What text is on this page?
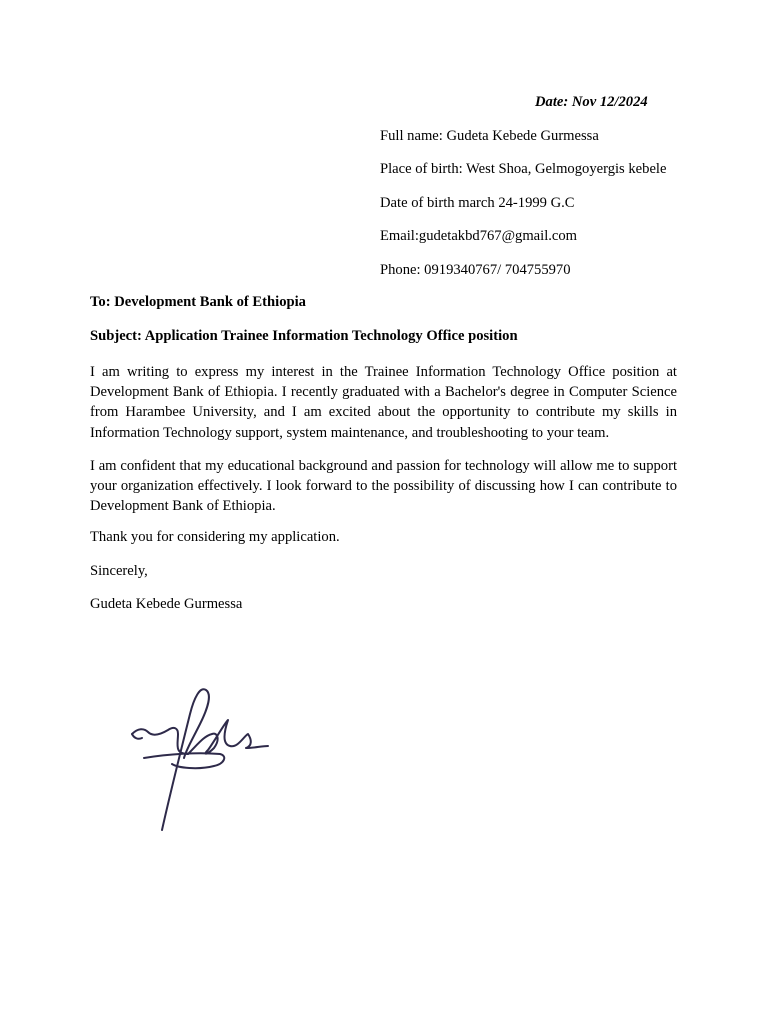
Date: Nov 12/2024
Full name: Gudeta Kebede Gurmessa
Place of birth: West Shoa, Gelmogoyergis kebele
Date of birth march 24-1999 G.C
Email:gudetakbd767@gmail.com
Phone: 0919340767/ 704755970

To: Development Bank of Ethiopia

Subject: Application Trainee Information Technology Office position

I am writing to express my interest in the Trainee Information Technology Office position at Development Bank of Ethiopia. I recently graduated with a Bachelor's degree in Computer Science from Harambee University, and I am excited about the opportunity to contribute my skills in Information Technology support, system maintenance, and troubleshooting to your team.

I am confident that my educational background and passion for technology will allow me to support your organization effectively. I look forward to the possibility of discussing how I can contribute to Development Bank of Ethiopia.

Thank you for considering my application.

Sincerely,

Gudeta Kebede Gurmessa
